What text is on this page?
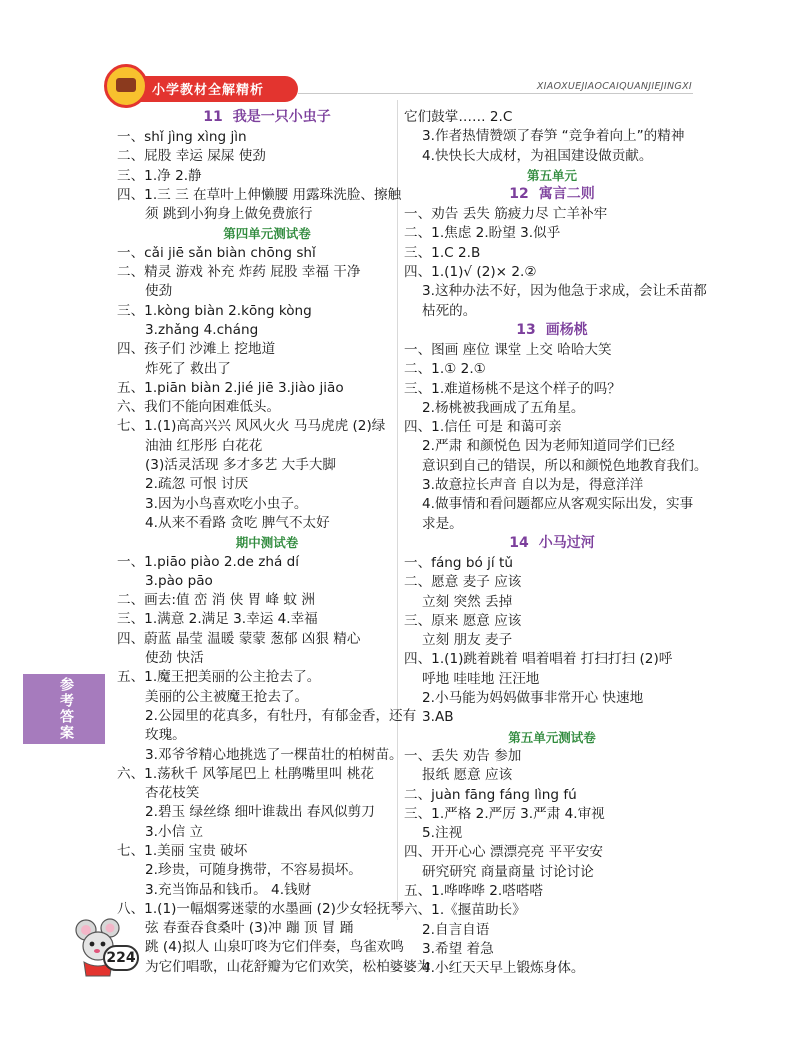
小学教材全解精析	XIAOXUEJIAOCAIQUANJIEJINGXI
11 我是一只小虫子
一、shǐ jìng xìng jìn
二、屁股 幸运 屎屎 使劲
三、1.净 2.静
四、1.三 三 在草叶上伸懒腰 用露珠洗脸、擦触
须 跳到小狗身上做免费旅行
第四单元测试卷
一、cǎi jiē sǎn biàn chōng shǐ
二、精灵 游戏 补充 炸药 屁股 幸福 干净
使劲
三、1.kòng biàn 2.kōng kòng
3.zhǎng 4.cháng
四、孩子们 沙滩上 挖地道
炸死了 救出了
五、1.piān biàn 2.jié jiē 3.jiào jiāo
六、我们不能向困难低头。
七、1.(1)高高兴兴 风风火火 马马虎虎 (2)绿
油油 红彤彤 白花花
(3)活灵活现 多才多艺 大手大脚
2.疏忽 可恨 讨厌
3.因为小鸟喜欢吃小虫子。
4.从来不看路 贪吃 脾气不太好
期中测试卷
一、1.piāo piào 2.de zhá dí
3.pào pāo
二、画去:值 峦 消 侠 胃 峰 蚊 洲
三、1.满意 2.满足 3.幸运 4.幸福
四、蔚蓝 晶莹 温暖 蒙蒙 葱郁 凶狠 精心
使劲 快活
五、1.魔王把美丽的公主抢去了。
美丽的公主被魔王抢去了。
2.公园里的花真多，有牡丹，有郁金香，还有
玫瑰。
3.邓爷爷精心地挑选了一棵苗壮的柏树苗。
六、1.荡秋千 风筝尾巴上 杜鹃嘴里叫 桃花
杏花枝笑
2.碧玉 绿丝绦 细叶谁裁出 春风似剪刀
3.小信 立
七、1.美丽 宝贵 破坏
2.珍贵，可随身携带，不容易损坏。
3.充当饰品和钱币。 4.钱财
八、1.(1)一幅烟雾迷蒙的水墨画 (2)少女轻抚琴
弦 春蚕吞食桑叶 (3)冲 蹦 顶 冒 踊
跳 (4)拟人 山泉叮咚为它们伴奏，鸟雀欢鸣
为它们唱歌，山花舒瓣为它们欢笑，松柏婆婆为
它们鼓掌…… 2.C
3.作者热情赞颂了春笋 “竞争着向上”的精神
4.快快长大成材，为祖国建设做贡献。
第五单元
12 寓言二则
一、劝告 丢失 筋疲力尽 亡羊补牢
二、1.焦虑 2.盼望 3.似乎
三、1.C 2.B
四、1.(1)√ (2)× 2.②
3.这种办法不好，因为他急于求成，会让禾苗都
枯死的。
13 画杨桃
一、图画 座位 课堂 上交 哈哈大笑
二、1.① 2.①
三、1.难道杨桃不是这个样子的吗？
2.杨桃被我画成了五角星。
四、1.信任 可是 和蔼可亲
2.严肃 和颜悦色 因为老师知道同学们已经
意识到自己的错误，所以和颜悦色地教育我们。
3.故意拉长声音 自以为是，得意洋洋
4.做事情和看问题都应从客观实际出发，实事
求是。
14 小马过河
一、fáng bó jí tǔ
二、愿意 麦子 应该
立刻 突然 丢掉
三、原来 愿意 应该
立刻 朋友 麦子
四、1.(1)跳着跳着 唱着唱着 打扫打扫 (2)呼
呼地 哇哇地 汪汪地
2.小马能为妈妈做事非常开心 快速地
3.AB
第五单元测试卷
一、丢失 劝告 参加
报纸 愿意 应该
二、juàn fāng fáng lìng fú
三、1.严格 2.严厉 3.严肃 4.审视
5.注视
四、开开心心 漂漂亮亮 平平安安
研究研究 商量商量 讨论讨论
五、1.哗哗哗 2.嗒嗒嗒
六、1.《揠苗助长》
2.自言自语
3.希望 着急
4.小红天天早上锻炼身体。
参考答案
224
